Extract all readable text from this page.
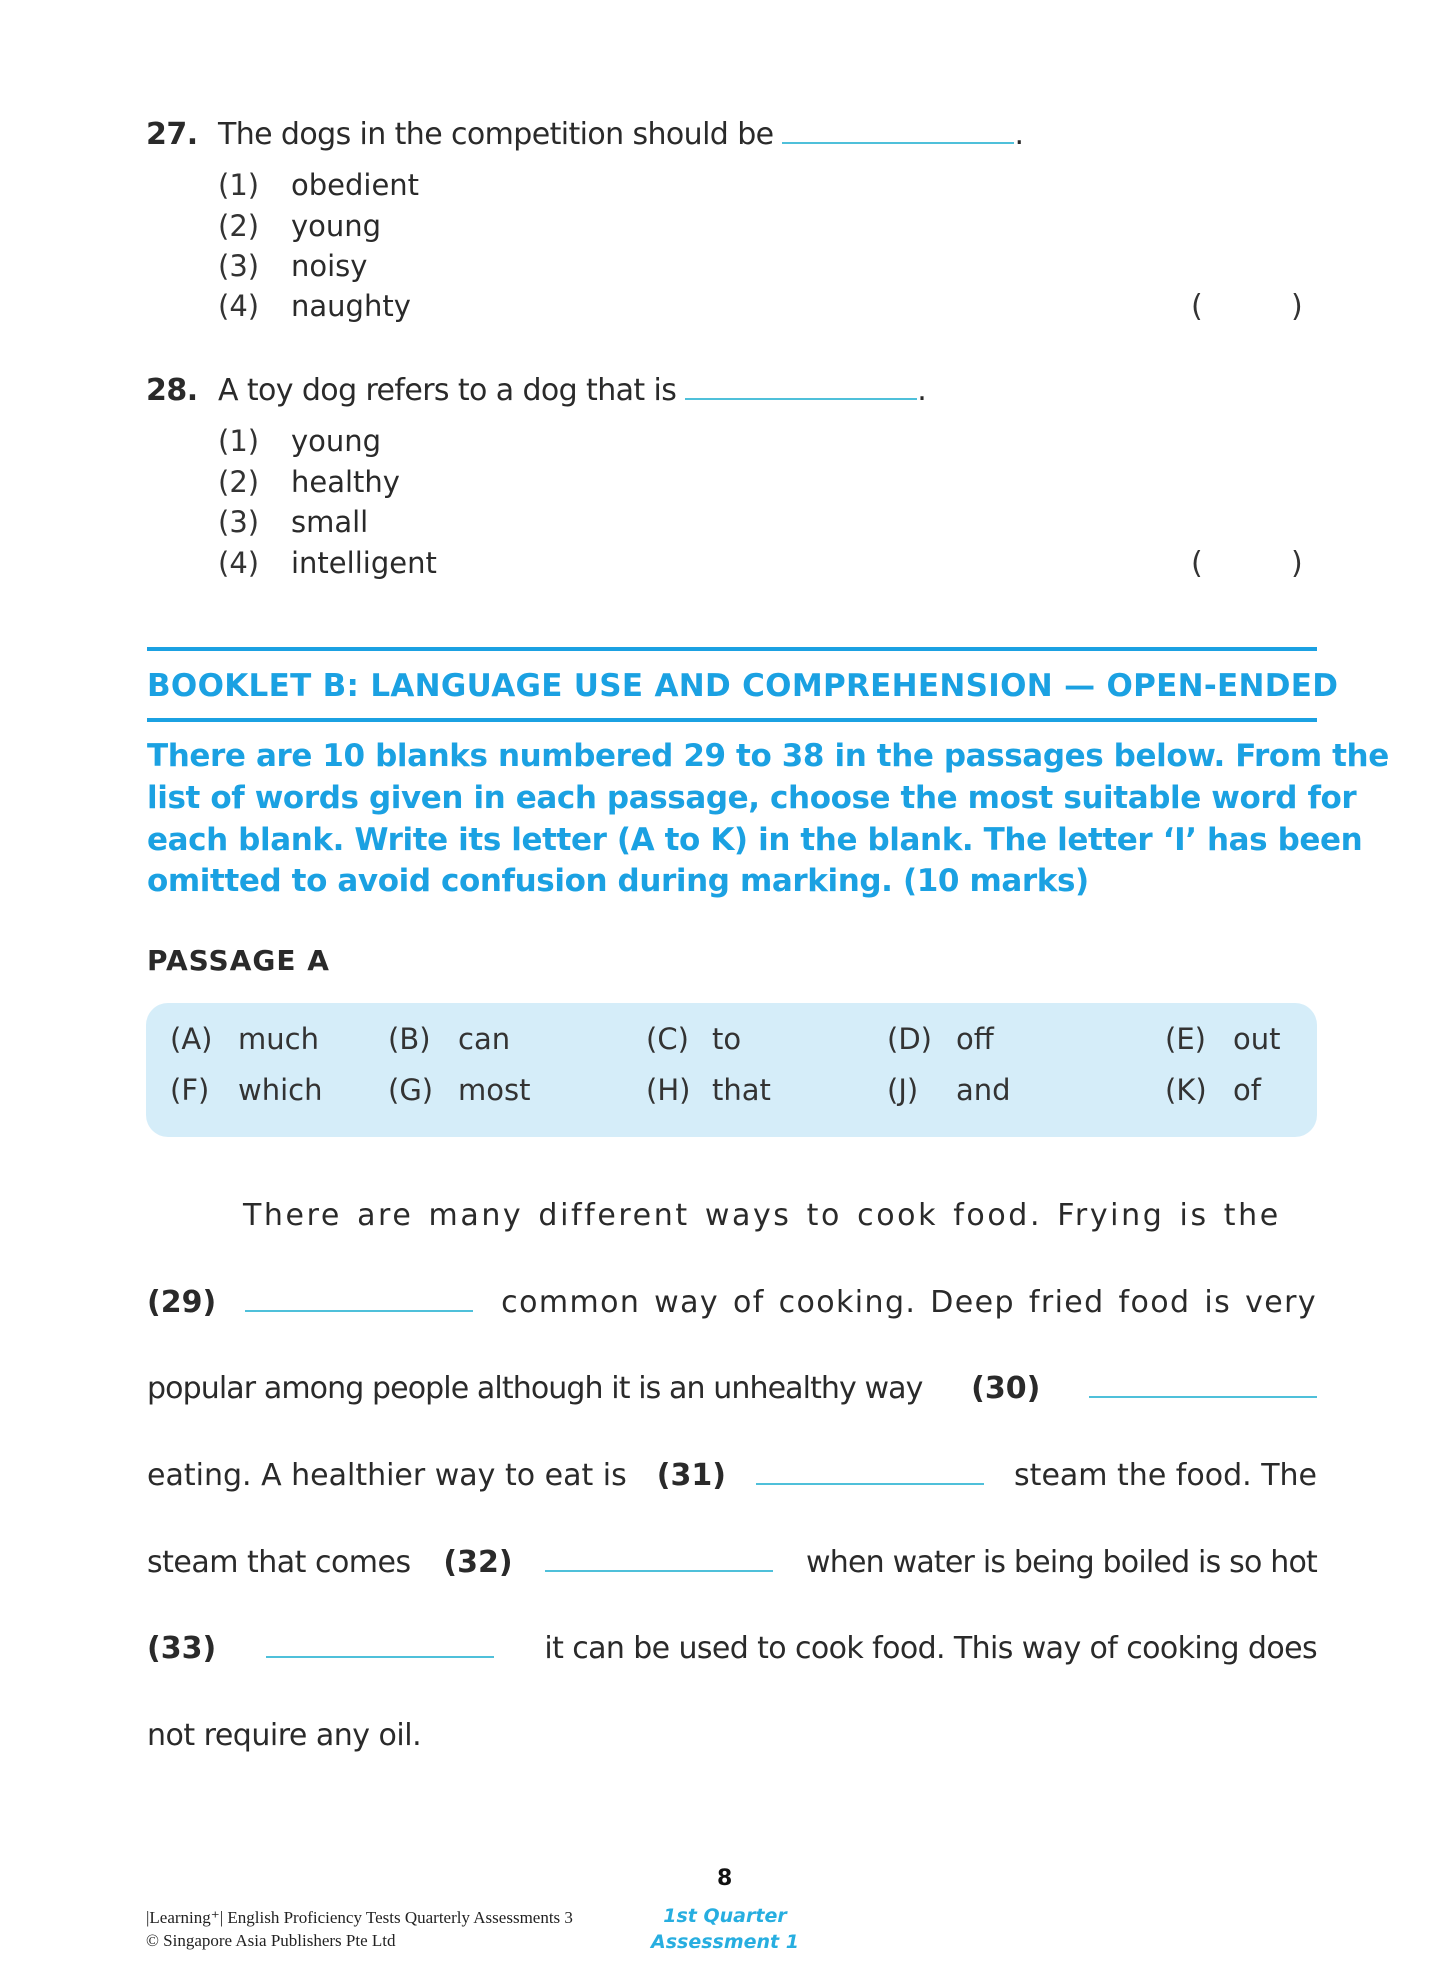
27. The dogs in the competition should be	.
(1) obedient
(2) young
(3) noisy
(4) naughty	(	)
28. A toy dog refers to a dog that is	.
(1) young
(2) healthy
(3) small
(4) intelligent	(	)
BOOKLET B: LANGUAGE USE AND COMPREHENSION — OPEN-ENDED
There are 10 blanks numbered 29 to 38 in the passages below. From the
list of words given in each passage, choose the most suitable word for
each blank. Write its letter (A to K) in the blank. The letter ‘I’ has been
omitted to avoid confusion during marking. (10 marks)
PASSAGE A
(A) much (B) can	(C) to	(D) off	(E) out
(F) which (G) most	(H) that	(J) and	(K) of
There are many different ways to cook food. Frying is the
(29)	common way of cooking. Deep fried food is very
popular among people although it is an unhealthy way (30)
eating. A healthier way to eat is (31)	steam the food. The
steam that comes (32)	when water is being boiled is so hot
(33)	it can be used to cook food. This way of cooking does
not require any oil.
|Learning⁺| English Proficiency Tests Quarterly Assessments 3
© Singapore Asia Publishers Pte Ltd
8
1st Quarter
Assessment 1
